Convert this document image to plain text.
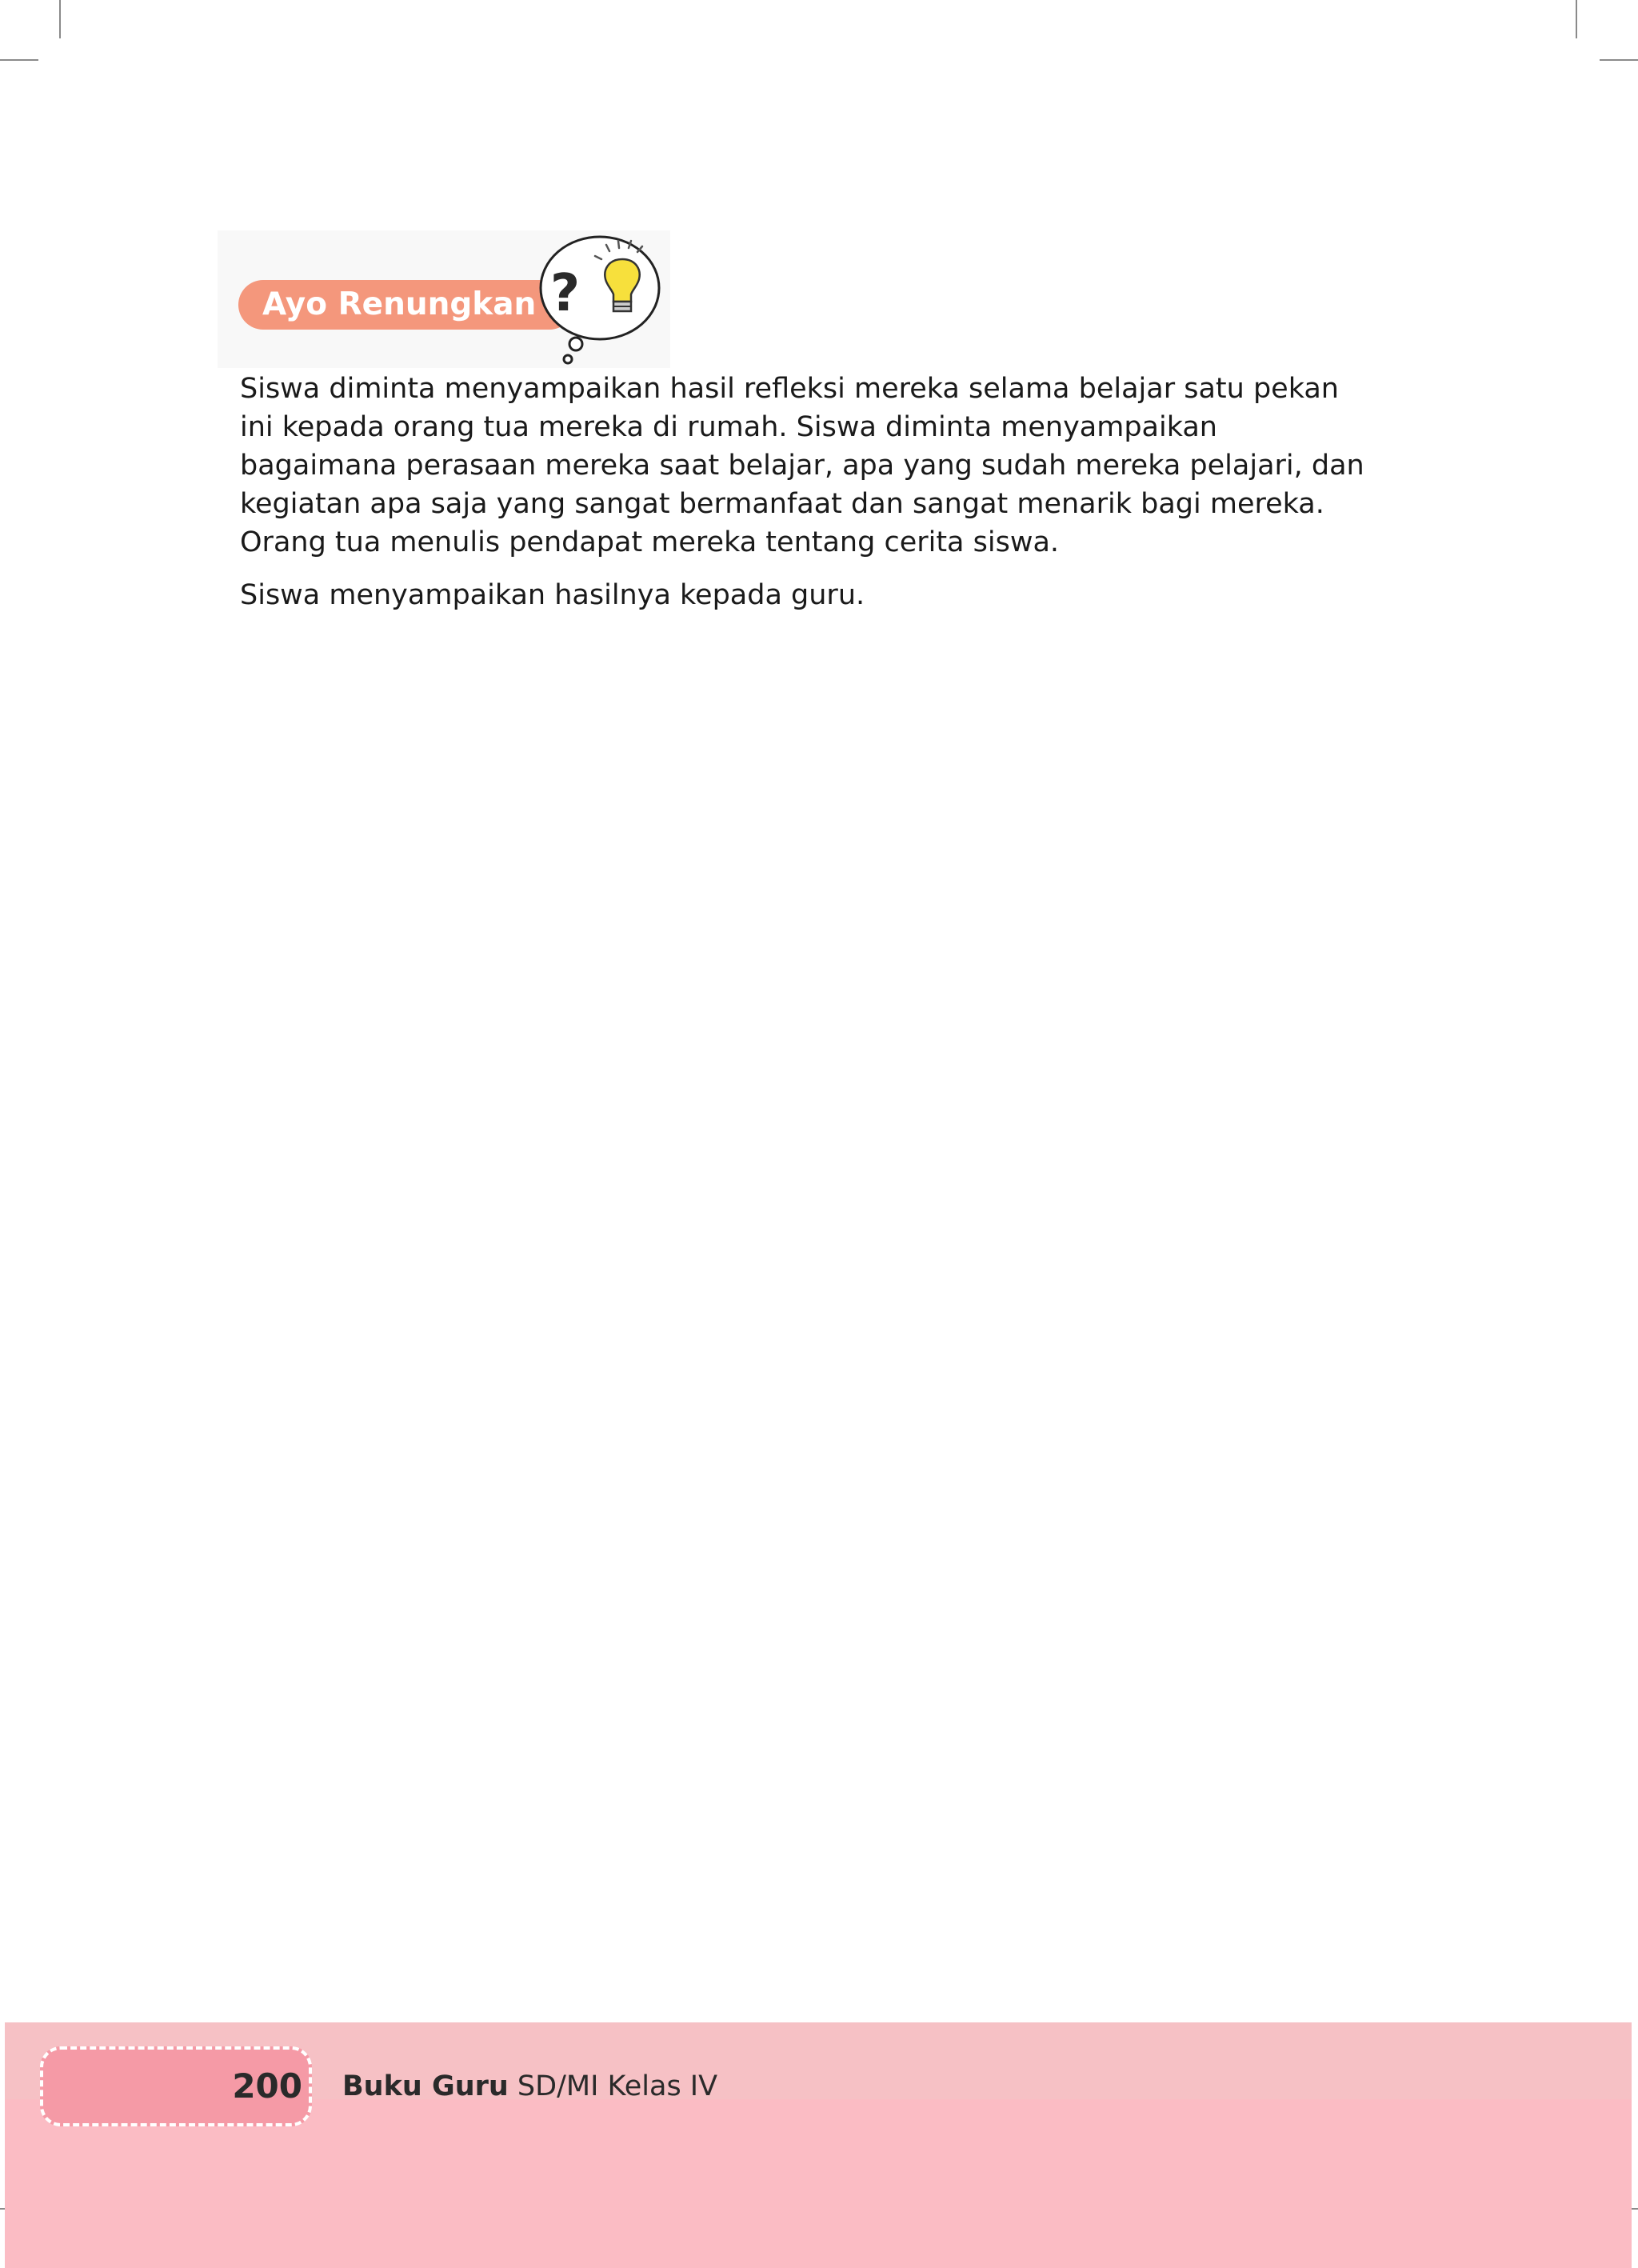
Ayo Renungkan ?

Siswa diminta menyampaikan hasil refleksi mereka selama belajar satu pekan ini kepada orang tua mereka di rumah. Siswa diminta menyampaikan bagaimana perasaan mereka saat belajar, apa yang sudah mereka pelajari, dan kegiatan apa saja yang sangat bermanfaat dan sangat menarik bagi mereka. Orang tua menulis pendapat mereka tentang cerita siswa.

Siswa menyampaikan hasilnya kepada guru.

200 Buku Guru SD/MI Kelas IV
